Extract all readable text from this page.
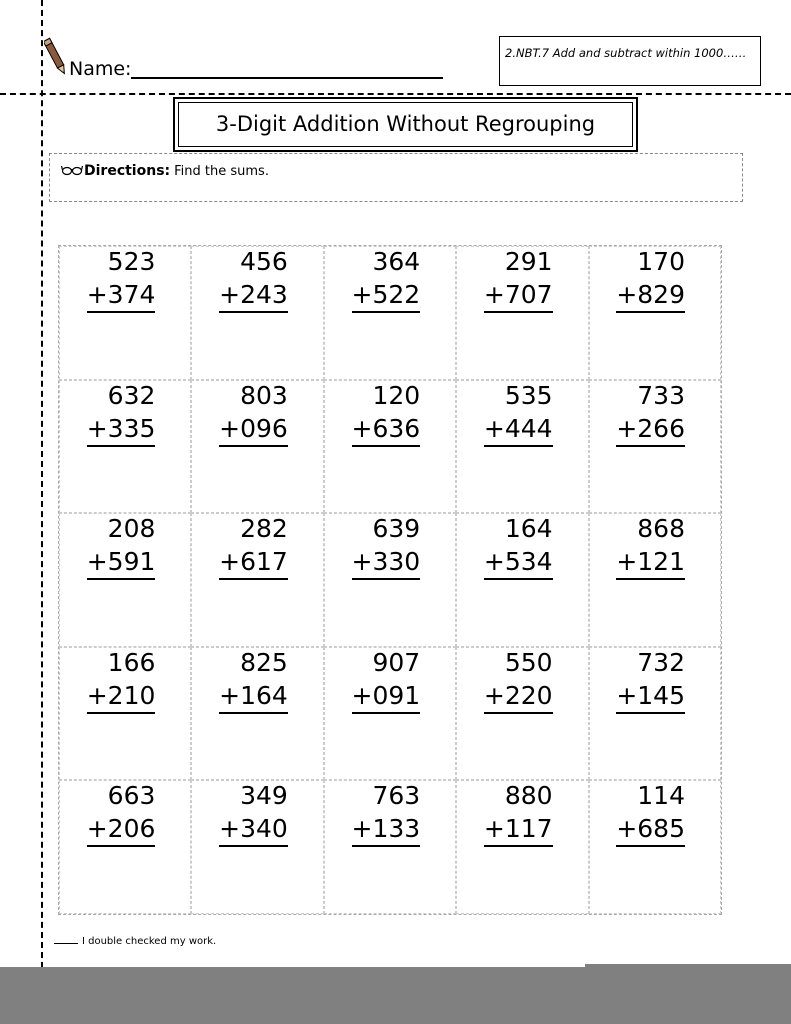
Name:
2.NBT.7 Add and subtract within 1000……
3-Digit Addition Without Regrouping
Directions: Find the sums.
523
+374
456
+243
364
+522
291
+707
170
+829
632
+335
803
+096
120
+636
535
+444
733
+266
208
+591
282
+617
639
+330
164
+534
868
+121
166
+210
825
+164
907
+091
550
+220
732
+145
663
+206
349
+340
763
+133
880
+117
114
+685
I double checked my work.
